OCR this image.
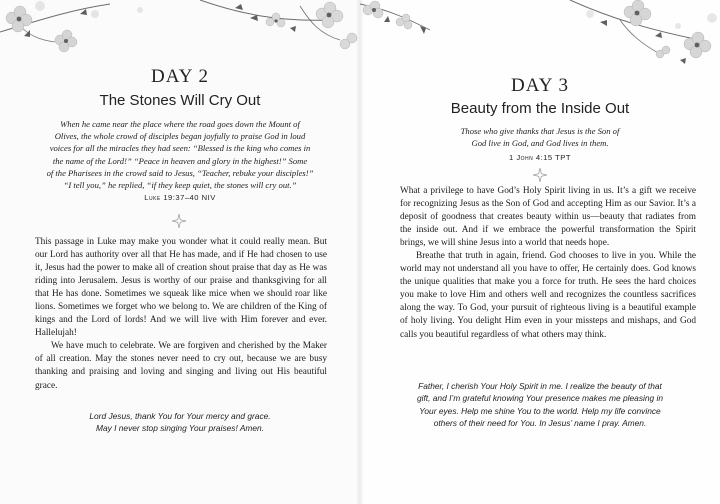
DAY 2
The Stones Will Cry Out
When he came near the place where the road goes down the Mount of
Olives, the whole crowd of disciples began joyfully to praise God in loud
voices for all the miracles they had seen: “Blessed is the king who comes in
the name of the Lord!” “Peace in heaven and glory in the highest!” Some
of the Pharisees in the crowd said to Jesus, “Teacher, rebuke your disciples!”
“I tell you,” he replied, “if they keep quiet, the stones will cry out.”
Luke 19:37–40 NIV

This passage in Luke may make you wonder what it could really mean. But our Lord has authority over all that He has made, and if He had chosen to use it, Jesus had the power to make all of creation shout praise that day as He was riding into Jerusalem. Jesus is worthy of our praise and thanksgiving for all that He has done. Sometimes we squeak like mice when we should roar like lions. Sometimes we forget who we belong to. We are children of the King of kings and the Lord of lords! And we will live with Him forever and ever. Hallelujah!

We have much to celebrate. We are forgiven and cherished by the Maker of all creation. May the stones never need to cry out, because we are busy thanking and praising and loving and singing and living out His beautiful grace.

Lord Jesus, thank You for Your mercy and grace.
May I never stop singing Your praises! Amen.
DAY 3
Beauty from the Inside Out
Those who give thanks that Jesus is the Son of
God live in God, and God lives in them.
1 John 4:15 TPT

What a privilege to have God’s Holy Spirit living in us. It’s a gift we receive for recognizing Jesus as the Son of God and accepting Him as our Savior. It’s a deposit of goodness that creates beauty within us—beauty that radiates from the inside out. And if we embrace the powerful transformation the Spirit brings, we will shine Jesus into a world that needs hope.

Breathe that truth in again, friend. God chooses to live in you. While the world may not understand all you have to offer, He certainly does. God knows the unique qualities that make you a force for truth. He sees the hard choices you make to love Him and others well and recognizes the countless sacrifices along the way. To God, your pursuit of righteous living is a beautiful example of holy living. You delight Him even in your missteps and mishaps, and God calls you beautiful regardless of what others may think.

Father, I cherish Your Holy Spirit in me. I realize the beauty of that
gift, and I’m grateful knowing Your presence makes me pleasing in
Your eyes. Help me shine You to the world. Help my life convince
others of their need for You. In Jesus’ name I pray. Amen.
